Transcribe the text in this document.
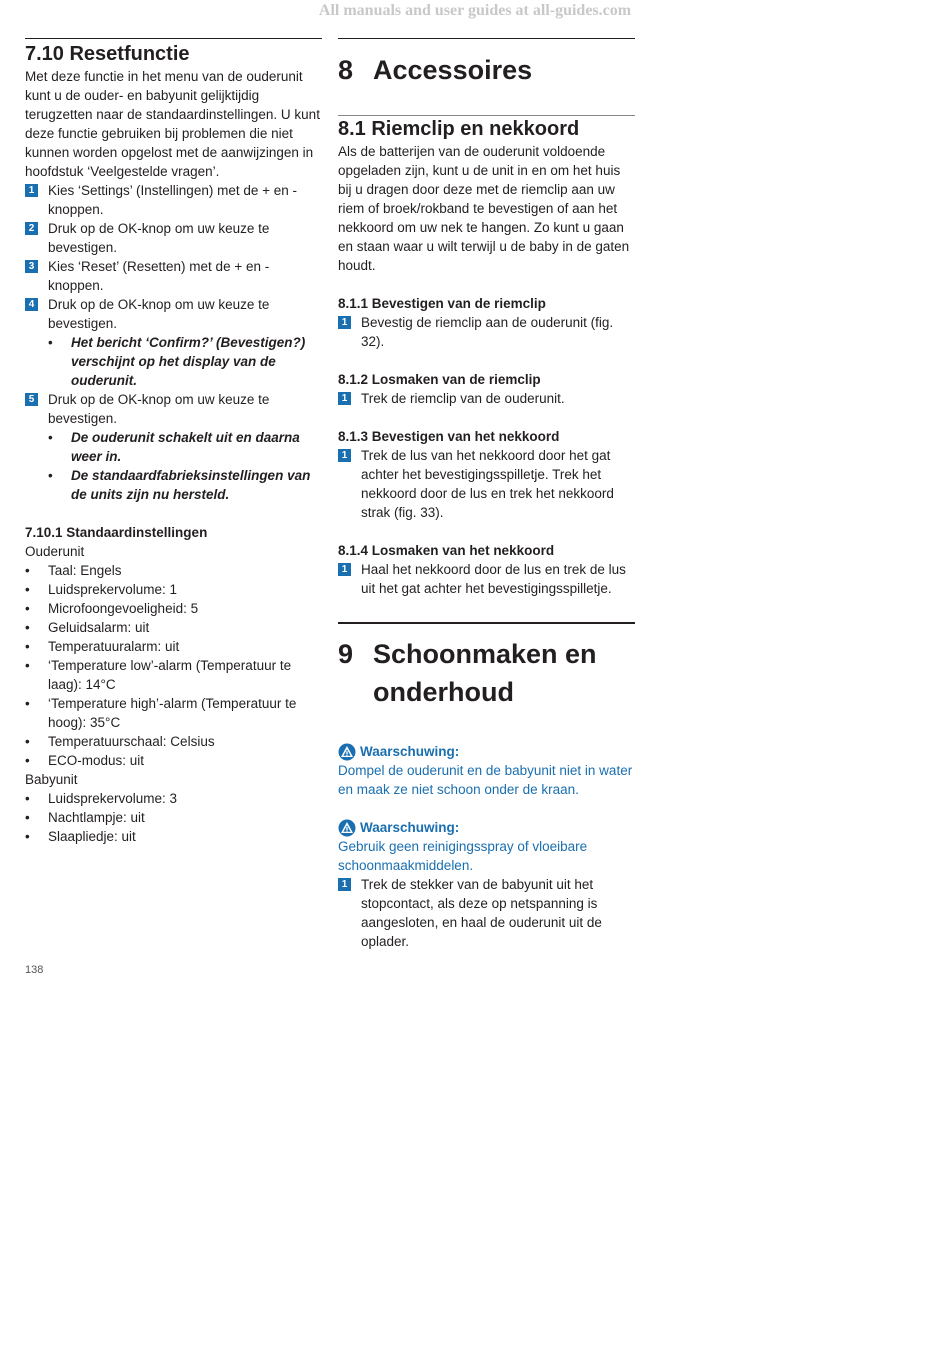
All manuals and user guides at all-guides.com
7.10 Resetfunctie

Met deze functie in het menu van de ouderunit kunt u de ouder- en babyunit gelijktijdig terugzetten naar de standaardinstellingen. U kunt deze functie gebruiken bij problemen die niet kunnen worden opgelost met de aanwijzingen in hoofdstuk ‘Veelgestelde vragen’.

1 Kies ‘Settings’ (Instellingen) met de + en - knoppen.
2 Druk op de OK-knop om uw keuze te bevestigen.
3 Kies ‘Reset’ (Resetten) met de + en - knoppen.
4 Druk op de OK-knop om uw keuze te bevestigen.
•	Het bericht ‘Confirm?’ (Bevestigen?) verschijnt op het display van de ouderunit.
5 Druk op de OK-knop om uw keuze te bevestigen.
•	De ouderunit schakelt uit en daarna weer in.
•	De standaardfabrieksinstellingen van de units zijn nu hersteld.
7.10.1 Standaardinstellingen

Ouderunit

•	Taal: Engels
•	Luidsprekervolume: 1
•	Microfoongevoeligheid: 5
•	Geluidsalarm: uit
•	Temperatuuralarm: uit
•	‘Temperature low’-alarm (Temperatuur te laag): 14°C
•	‘Temperature high’-alarm (Temperatuur te hoog): 35°C
•	Temperatuurschaal: Celsius
•	ECO-modus: uit

Babyunit

•	Luidsprekervolume: 3
•	Nachtlampje: uit
•	Slaapliedje: uit
8 Accessoires
8.1 Riemclip en nekkoord

Als de batterijen van de ouderunit voldoende opgeladen zijn, kunt u de unit in en om het huis bij u dragen door deze met de riemclip aan uw riem of broek/rokband te bevestigen of aan het nekkoord om uw nek te hangen. Zo kunt u gaan en staan waar u wilt terwijl u de baby in de gaten houdt.

8.1.1 Bevestigen van de riemclip
1 Bevestig de riemclip aan de ouderunit (fig. 32).
8.1.2 Losmaken van de riemclip
1 Trek de riemclip van de ouderunit.
8.1.3 Bevestigen van het nekkoord
1 Trek de lus van het nekkoord door het gat achter het bevestigingsspilletje. Trek het nekkoord door de lus en trek het nekkoord strak (fig. 33).
8.1.4 Losmaken van het nekkoord
1 Haal het nekkoord door de lus en trek de lus uit het gat achter het bevestigingsspilletje.
9 Schoonmaken en
onderhoud
Waarschuwing:

Dompel de ouderunit en de babyunit niet in water en maak ze niet schoon onder de kraan.

Waarschuwing:

Gebruik geen reinigingsspray of vloeibare schoonmaakmiddelen.

1 Trek de stekker van de babyunit uit het stopcontact, als deze op netspanning is aangesloten, en haal de ouderunit uit de oplader.
138
